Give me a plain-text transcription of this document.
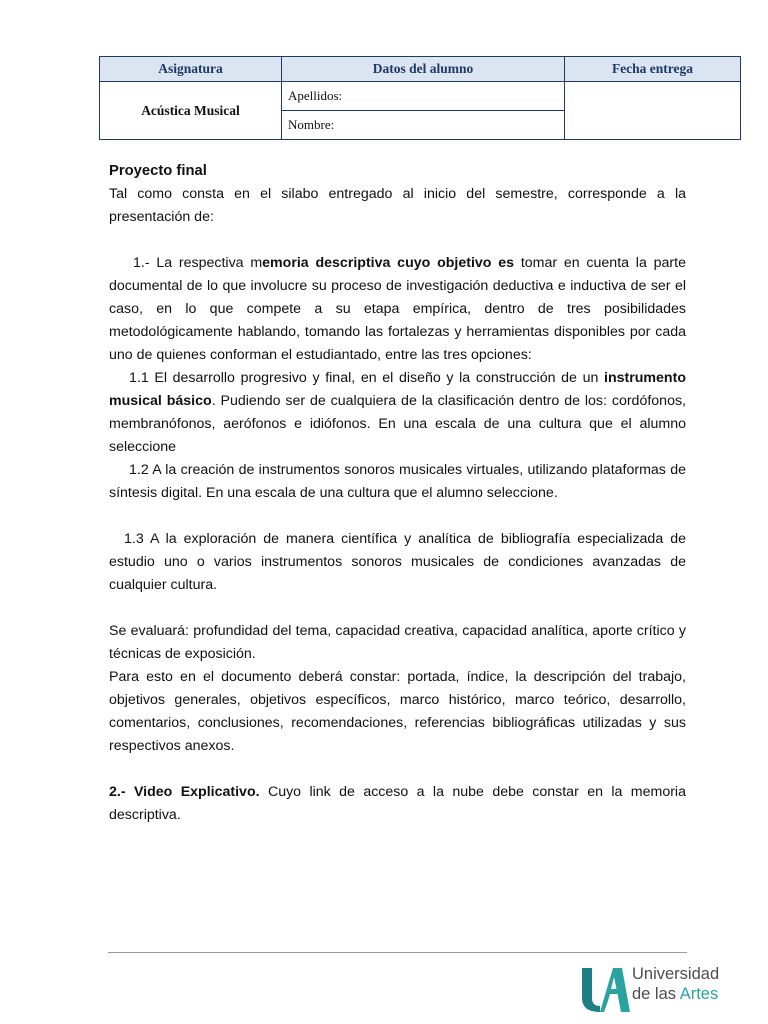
Asignatura	Datos del alumno	Fecha entrega
Acústica Musical	Apellidos:	
	Nombre:	

Proyecto final

Tal como consta en el silabo entregado al inicio del semestre, corresponde a la presentación de:

1.- La respectiva memoria descriptiva cuyo objetivo es tomar en cuenta la parte documental de lo que involucre su proceso de investigación deductiva e inductiva de ser el caso, en lo que compete a su etapa empírica, dentro de tres posibilidades metodológicamente hablando, tomando las fortalezas y herramientas disponibles por cada uno de quienes conforman el estudiantado, entre las tres opciones:

1.1 El desarrollo progresivo y final, en el diseño y la construcción de un instrumento musical básico. Pudiendo ser de cualquiera de la clasificación dentro de los: cordófonos, membranófonos, aerófonos e idiófonos. En una escala de una cultura que el alumno seleccione

1.2 A la creación de instrumentos sonoros musicales virtuales, utilizando plataformas de síntesis digital. En una escala de una cultura que el alumno seleccione.

1.3 A la exploración de manera científica y analítica de bibliografía especializada de estudio uno o varios instrumentos sonoros musicales de condiciones avanzadas de cualquier cultura.

Se evaluará: profundidad del tema, capacidad creativa, capacidad analítica, aporte crítico y técnicas de exposición.

Para esto en el documento deberá constar: portada, índice, la descripción del trabajo, objetivos generales, objetivos específicos, marco histórico, marco teórico, desarrollo, comentarios, conclusiones, recomendaciones, referencias bibliográficas utilizadas y sus respectivos anexos.

2.- Video Explicativo. Cuyo link de acceso a la nube debe constar en la memoria descriptiva.

Universidad
de las Artes
